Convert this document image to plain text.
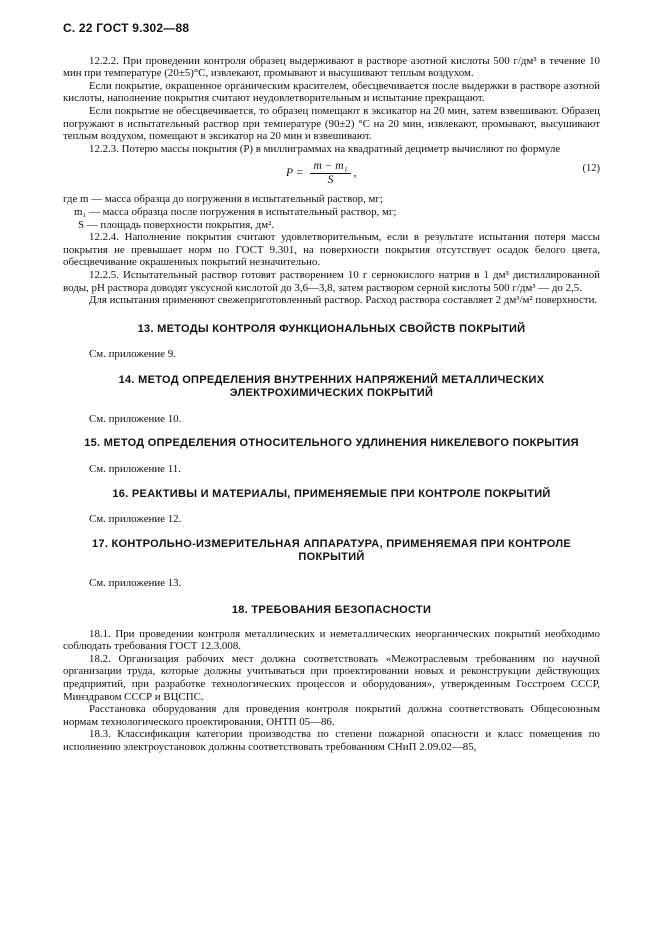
С. 22 ГОСТ 9.302—88

12.2.2. При проведении контроля образец выдерживают в растворе азотной кислоты 500 г/дм³ в течение 10 мин при температуре (20±5)°С, извлекают, промывают и высушивают теплым воздухом.

Если покрытие, окрашенное органическим красителем, обесцвечивается после выдержки в растворе азотной кислоты, наполнение покрытия считают неудовлетворительным и испытание прекращают.

Если покрытие не обесцвечивается, то образец помещают в эксикатор на 20 мин, затем взвешивают. Образец погружают в испытательный раствор при температуре (90±2) °С на 20 мин, извлекают, промывают, высушивают теплым воздухом, помещают в эксикатор на 20 мин и взвешивают.

12.2.3. Потерю массы покрытия (P) в миллиграммах на квадратный дециметр вычисляют по формуле

$P = \frac{\text{m − m₁}}{S}$ ,	(12)
где m — масса образца до погружения в испытательный раствор, мг;
m₁ — масса образца после погружения в испытательный раствор, мг;
S — площадь поверхности покрытия, дм².

12.2.4. Наполнение покрытия считают удовлетворительным, если в результате испытания потеря массы покрытия не превышает норм по ГОСТ 9.301, на поверхности покрытия отсутствует осадок белого цвета, обесцвечивание окрашенных покрытий незначительно.

12.2.5. Испытательный раствор готовят растворением 10 г сернокислого натрия в 1 дм³ дистиллированной воды, pH раствора доводят уксусной кислотой до 3,6—3,8, затем раствором серной кислоты 500 г/дм³ — до 2,5.

Для испытания применяют свежеприготовленный раствор. Расход раствора составляет 2 дм³/м² поверхности.

13. МЕТОДЫ КОНТРОЛЯ ФУНКЦИОНАЛЬНЫХ СВОЙСТВ ПОКРЫТИЙ

См. приложение 9.

14. МЕТОД ОПРЕДЕЛЕНИЯ ВНУТРЕННИХ НАПРЯЖЕНИЙ МЕТАЛЛИЧЕСКИХ ЭЛЕКТРОХИМИЧЕСКИХ ПОКРЫТИЙ

См. приложение 10.

15. МЕТОД ОПРЕДЕЛЕНИЯ ОТНОСИТЕЛЬНОГО УДЛИНЕНИЯ НИКЕЛЕВОГО ПОКРЫТИЯ

См. приложение 11.

16. РЕАКТИВЫ И МАТЕРИАЛЫ, ПРИМЕНЯЕМЫЕ ПРИ КОНТРОЛЕ ПОКРЫТИЙ

См. приложение 12.

17. КОНТРОЛЬНО-ИЗМЕРИТЕЛЬНАЯ АППАРАТУРА, ПРИМЕНЯЕМАЯ ПРИ КОНТРОЛЕ ПОКРЫТИЙ

См. приложение 13.

18. ТРЕБОВАНИЯ БЕЗОПАСНОСТИ

18.1. При проведении контроля металлических и неметаллических неорганических покрытий необходимо соблюдать требования ГОСТ 12.3.008.

18.2. Организация рабочих мест должна соответствовать «Межотраслевым требованиям по научной организации труда, которые должны учитываться при проектировании новых и реконструкции действующих предприятий, при разработке технологических процессов и оборудования», утвержденным Госстроем СССР, Минздравом СССР и ВЦСПС.

Расстановка оборудования для проведения контроля покрытий должна соответствовать Общесоюзным нормам технологического проектирования, ОНТП 05—86.

18.3. Классификация категории производства по степени пожарной опасности и класс помещения по исполнению электроустановок должны соответствовать требованиям СНиП 2.09.02—85,
